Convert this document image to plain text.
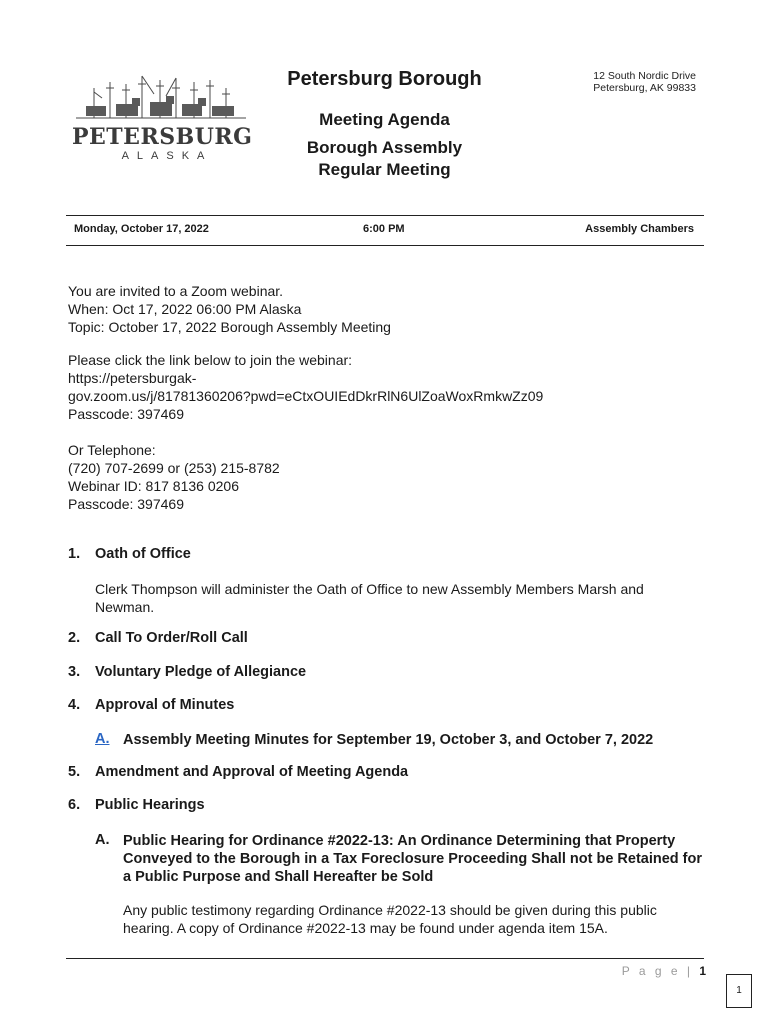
PETERSBURG
ALASKA
Petersburg Borough
Meeting Agenda
Borough Assembly
Regular Meeting
12 South Nordic Drive
Petersburg, AK 99833
Monday, October 17, 2022	6:00 PM	Assembly Chambers
You are invited to a Zoom webinar.
When: Oct 17, 2022 06:00 PM Alaska
Topic: October 17, 2022 Borough Assembly Meeting
Please click the link below to join the webinar:
https://petersburgak-
gov.zoom.us/j/81781360206?pwd=eCtxOUIEdDkrRlN6UlZoaWoxRmkwZz09
Passcode: 397469
Or Telephone:
(720) 707-2699 or (253) 215-8782
Webinar ID: 817 8136 0206
Passcode: 397469
1. Oath of Office
Clerk Thompson will administer the Oath of Office to new Assembly Members Marsh and Newman.
2. Call To Order/Roll Call
3. Voluntary Pledge of Allegiance
4. Approval of Minutes
A. Assembly Meeting Minutes for September 19, October 3, and October 7, 2022
5. Amendment and Approval of Meeting Agenda
6. Public Hearings
A. Public Hearing for Ordinance #2022-13: An Ordinance Determining that Property Conveyed to the Borough in a Tax Foreclosure Proceeding Shall not be Retained for a Public Purpose and Shall Hereafter be Sold
Any public testimony regarding Ordinance #2022-13 should be given during this public hearing. A copy of Ordinance #2022-13 may be found under agenda item 15A.
P a g e | 1
1
